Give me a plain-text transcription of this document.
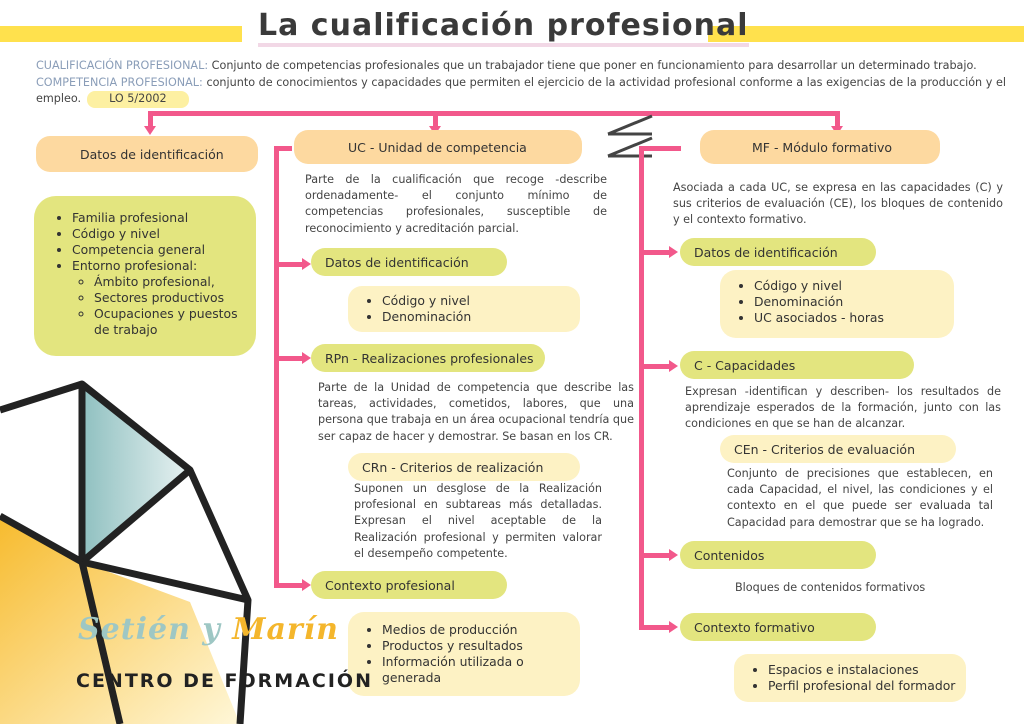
La cualificación profesional
CUALIFICACIÓN PROFESIONAL: Conjunto de competencias profesionales que un trabajador tiene que poner en funcionamiento para desarrollar un determinado trabajo.
COMPETENCIA PROFESIONAL: conjunto de conocimientos y capacidades que permiten el ejercicio de la actividad profesional conforme a las exigencias de la producción y el empleo.	LO 5/2002
Datos de identificación
• Familia profesional
• Código y nivel
• Competencia general
• Entorno profesional:
◦ Ámbito profesional,
◦ Sectores productivos
◦ Ocupaciones y puestos de trabajo
UC - Unidad de competencia
Parte de la cualificación que recoge -describe ordenadamente- el conjunto mínimo de competencias profesionales, susceptible de reconocimiento y acreditación parcial.
Datos de identificación
• Código y nivel
• Denominación
RPn - Realizaciones profesionales
Parte de la Unidad de competencia que describe las tareas, actividades, cometidos, labores, que una persona que trabaja en un área ocupacional tendría que ser capaz de hacer y demostrar. Se basan en los CR.
CRn - Criterios de realización
Suponen un desglose de la Realización profesional en subtareas más detalladas. Expresan el nivel aceptable de la Realización profesional y permiten valorar el desempeño competente.
Contexto profesional
• Medios de producción
• Productos y resultados
• Información utilizada o generada
MF - Módulo formativo
Asociada a cada UC, se expresa en las capacidades (C) y sus criterios de evaluación (CE), los bloques de contenido y el contexto formativo.
Datos de identificación
• Código y nivel
• Denominación
• UC asociados - horas
C - Capacidades
Expresan -identifican y describen- los resultados de aprendizaje esperados de la formación, junto con las condiciones en que se han de alcanzar.
CEn - Criterios de evaluación
Conjunto de precisiones que establecen, en cada Capacidad, el nivel, las condiciones y el contexto en el que puede ser evaluada tal Capacidad para demostrar que se ha logrado.
Contenidos
Bloques de contenidos formativos
Contexto formativo
• Espacios e instalaciones
• Perfil profesional del formador
Setién y Marín
CENTRO DE FORMACIÓN
